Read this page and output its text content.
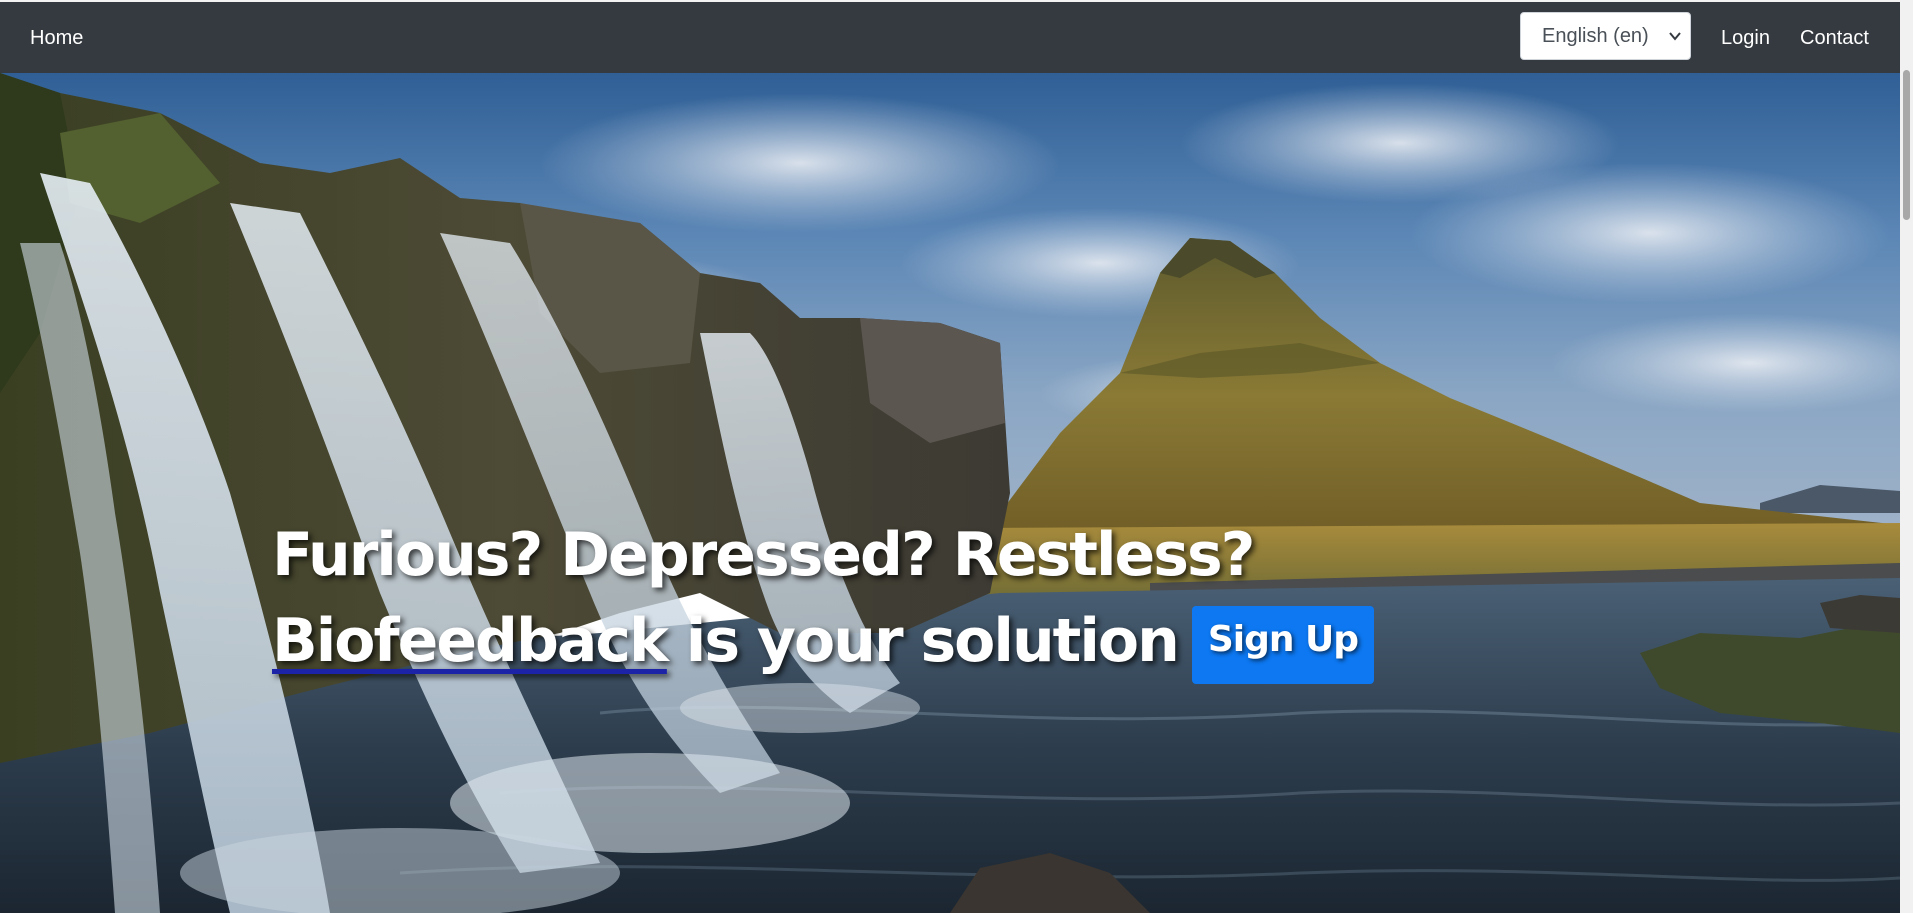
Home	English (en)	Login Contact
Furious? Depressed? Restless?
Biofeedback is your solution Sign Up
